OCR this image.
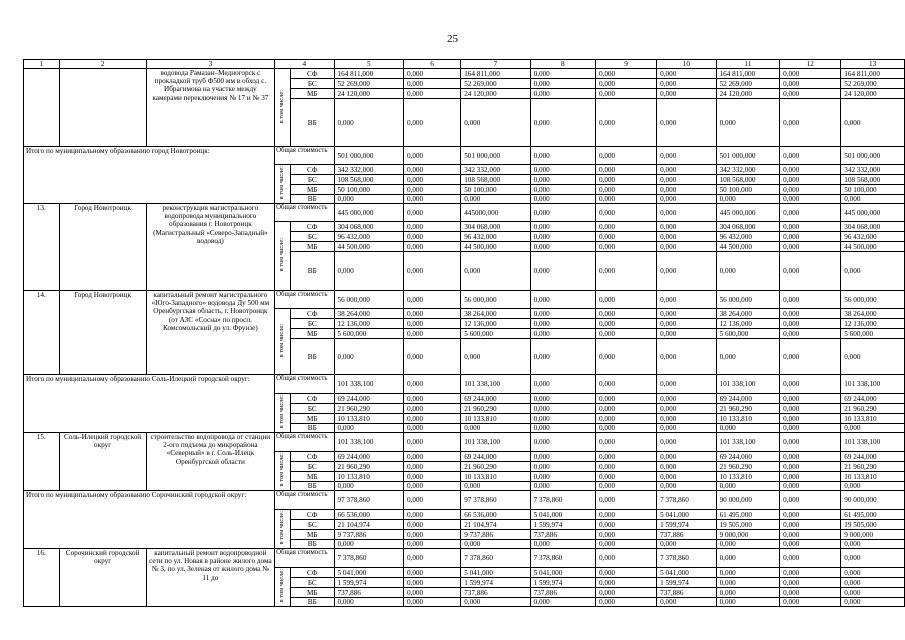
25
1	2	3	4		5	6	7	8	9	10	11	12	13
		водовода Рамазан–Медногорск с прокладкой труб Ф500 мм в обход с. Ибрагимова на участке между камерами переключения № 17 и № 37	в том числе:	СФ	164 811,000	0,000	164 811,000	0,000	0,000	0,000	164 811,000	0,000	164 811,000
				БС	52 269,000	0,000	52 269,000	0,000	0,000	0,000	52 269,000	0,000	52 269,000
				МБ	24 120,000	0,000	24 120,000	0,000	0,000	0,000	24 120,000	0,000	24 120,000
				ВБ	0,000	0,000	0,000	0,000	0,000	0,000	0,000	0,000	0,000
Итого по муниципальному образованию город Новотроицк:			Общая стоимость		501 000,000	0,000	501 000,000	0,000	0,000	0,000	501 000,000	0,000	501 000,000
			в том числе:	СФ	342 332,000	0,000	342 332,000	0,000	0,000	0,000	342 332,000	0,000	342 332,000
				БС	108 568,000	0,000	108 568,000	0,000	0,000	0,000	108 568,000	0,000	108 568,000
				МБ	50 100,000	0,000	50 100,000	0,000	0,000	0,000	50 100,000	0,000	50 100,000
				ВБ	0,000	0,000	0,000	0,000	0,000	0,000	0,000	0,000	0,000
13.	Город Новотроицк	реконструкция магистрального водопровода муниципального образования г. Новотроицк (Магистральный «Северо-Западный» водовод)	Общая стоимость		445 000,000	0,000	445000,000	0,000	0,000	0,000	445 000,000	0,000	445 000,000
			в том числе:	СФ	304 068,000	0,000	304 068,000	0,000	0,000	0,000	304 068,000	0,000	304 068,000
				БС	96 432,000	0,000	96 432,000	0,000	0,000	0,000	96 432,000	0,000	96 432,000
				МБ	44 500,000	0,000	44 500,000	0,000	0,000	0,000	44 500,000	0,000	44 500,000
				ВБ	0,000	0,000	0,000	0,000	0,000	0,000	0,000	0,000	0,000
14.	Город Новотроицк	капитальный ремонт магистрального «Юго-Западного» водовода Ду 500 мм Оренбургская область, г. Новотроицк (от АЗС «Сосна» по просп. Комсомольский до ул. Фрунзе)	Общая стоимость		56 000,000	0,000	56 000,000	0,000	0,000	0,000	56 000,000	0,000	56 000,000
			в том числе:	СФ	38 264,000	0,000	38 264,000	0,000	0,000	0,000	38 264,000	0,000	38 264,000
				БС	12 136,000	0,000	12 136,000	0,000	0,000	0,000	12 136,000	0,000	12 136,000
				МБ	5 600,000	0,000	5 600,000	0,000	0,000	0,000	5 600,000	0,000	5 600,000
				ВБ	0,000	0,000	0,000	0,000	0,000	0,000	0,000	0,000	0,000
Итого по муниципальному образованию Соль-Илецкий городской округ:			Общая стоимость		101 338,100	0,000	101 338,100	0,000	0,000	0,000	101 338,100	0,000	101 338,100
			в том числе:	СФ	69 244,000	0,000	69 244,000	0,000	0,000	0,000	69 244,000	0,000	69 244,000
				БС	21 960,290	0,000	21 960,290	0,000	0,000	0,000	21 960,290	0,000	21 960,290
				МБ	10 133,810	0,000	10 133,810	0,000	0,000	0,000	10 133,810	0,000	10 133,810
				ВБ	0,000	0,000	0,000	0,000	0,000	0,000	0,000	0,000	0,000
15.	Соль-Илецкий городской округ	строительство водопровода от станции 2-ого подъема до микрорайона «Северный» в г. Соль-Илецк Оренбургской области	Общая стоимость		101 338,100	0,000	101 338,100	0,000	0,000	0,000	101 338,100	0,000	101 338,100
			в том числе:	СФ	69 244,000	0,000	69 244,000	0,000	0,000	0,000	69 244,000	0,000	69 244,000
				БС	21 960,290	0,000	21 960,290	0,000	0,000	0,000	21 960,290	0,000	21 960,290
				МБ	10 133,810	0,000	10 133,810	0,000	0,000	0,000	10 133,810	0,000	10 133,810
				ВБ	0,000	0,000	0,000	0,000	0,000	0,000	0,000	0,000	0,000
Итого по муниципальному образованию Сорочинский городской округ:			Общая стоимость		97 378,860	0,000	97 378,860	7 378,860	0,000	7 378,860	90 000,000	0,000	90 000,000
			в том числе:	СФ	66 536,000	0,000	66 536,000	5 041,000	0,000	5 041,000	61 495,000	0,000	61 495,000
				БС	21 104,974	0,000	21 104,974	1 599,974	0,000	1 599,974	19 505,000	0,000	19 505,000
				МБ	9 737,886	0,000	9 737,886	737,886	0,000	737,886	9 000,000	0,000	9 000,000
				ВБ	0,000	0,000	0,000	0,000	0,000	0,000	0,000	0,000	0,000
16.	Сорочинский городской округ	капитальный ремонт водопроводной сети по ул. Новая в районе жилого дома № 3, по ул. Зеленая от жилого дома № 11 до	Общая стоимость		7 378,860	0,000	7 378,860	7 378,860	0,000	7 378,860	0,000	0,000	0,000
			в том числе:	СФ	5 041,000	0,000	5 041,000	5 041,000	0,000	5 041,000	0,000	0,000	0,000
				БС	1 599,974	0,000	1 599,974	1 599,974	0,000	1 599,974	0,000	0,000	0,000
				МБ	737,886	0,000	737,886	737,886	0,000	737,886	0,000	0,000	0,000
				ВБ	0,000	0,000	0,000	0,000	0,000	0,000	0,000	0,000	0,000
